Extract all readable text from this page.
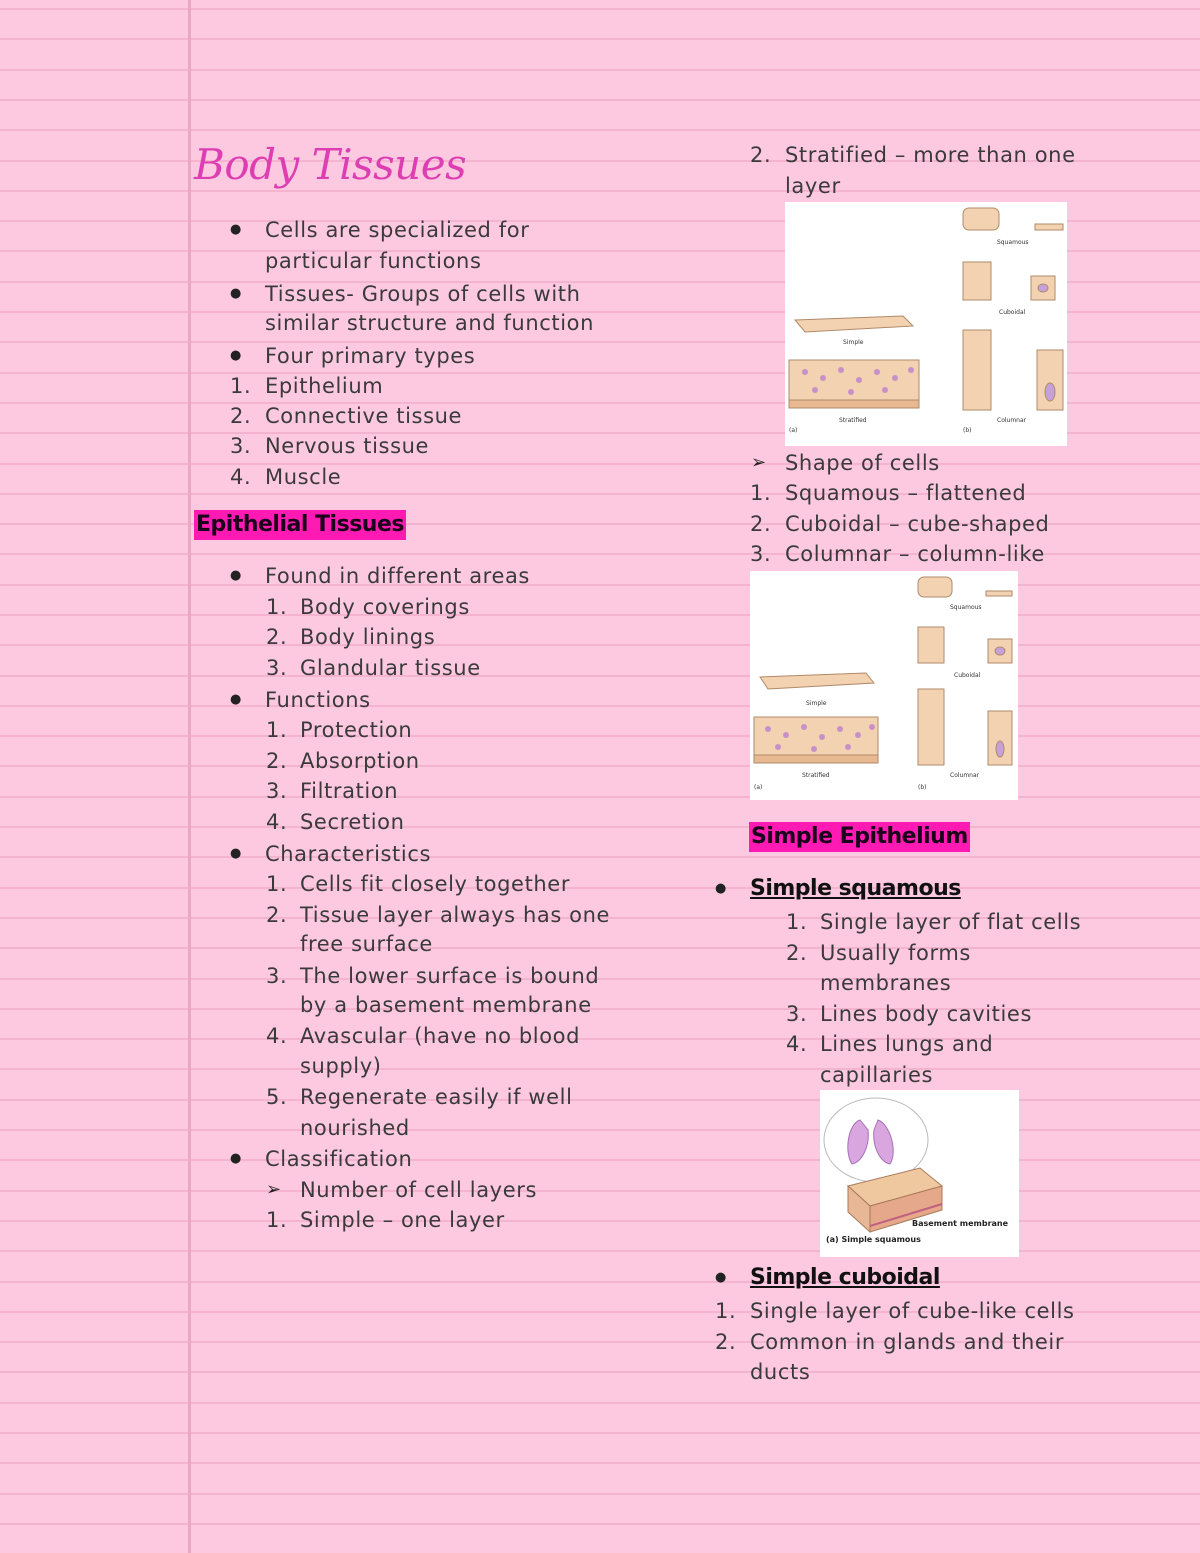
Body Tissues
● Cells are specialized for
particular functions
● Tissues- Groups of cells with
similar structure and function
● Four primary types
1. Epithelium
2. Connective tissue
3. Nervous tissue
4. Muscle
Epithelial Tissues
● Found in different areas
1. Body coverings
2. Body linings
3. Glandular tissue
● Functions
1. Protection
2. Absorption
3. Filtration
4. Secretion
● Characteristics
1. Cells fit closely together
2. Tissue layer always has one
free surface
3. The lower surface is bound
by a basement membrane
4. Avascular (have no blood
supply)
5. Regenerate easily if well
nourished
● Classification
➢ Number of cell layers
1. Simple – one layer
2. Stratified – more than one
layer
Squamous
Cuboidal
Simple
Stratified	Columnar
(a)	(b)
➢ Shape of cells
1. Squamous – flattened
2. Cuboidal – cube-shaped
3. Columnar – column-like
Squamous
Cuboidal
Simple
Stratified	Columnar
(a)	(b)
Simple Epithelium
● Simple squamous
1. Single layer of flat cells
2. Usually forms
membranes
3. Lines body cavities
4. Lines lungs and
capillaries
Basement membrane
(a) Simple squamous
● Simple cuboidal
1. Single layer of cube-like cells
2. Common in glands and their
ducts
